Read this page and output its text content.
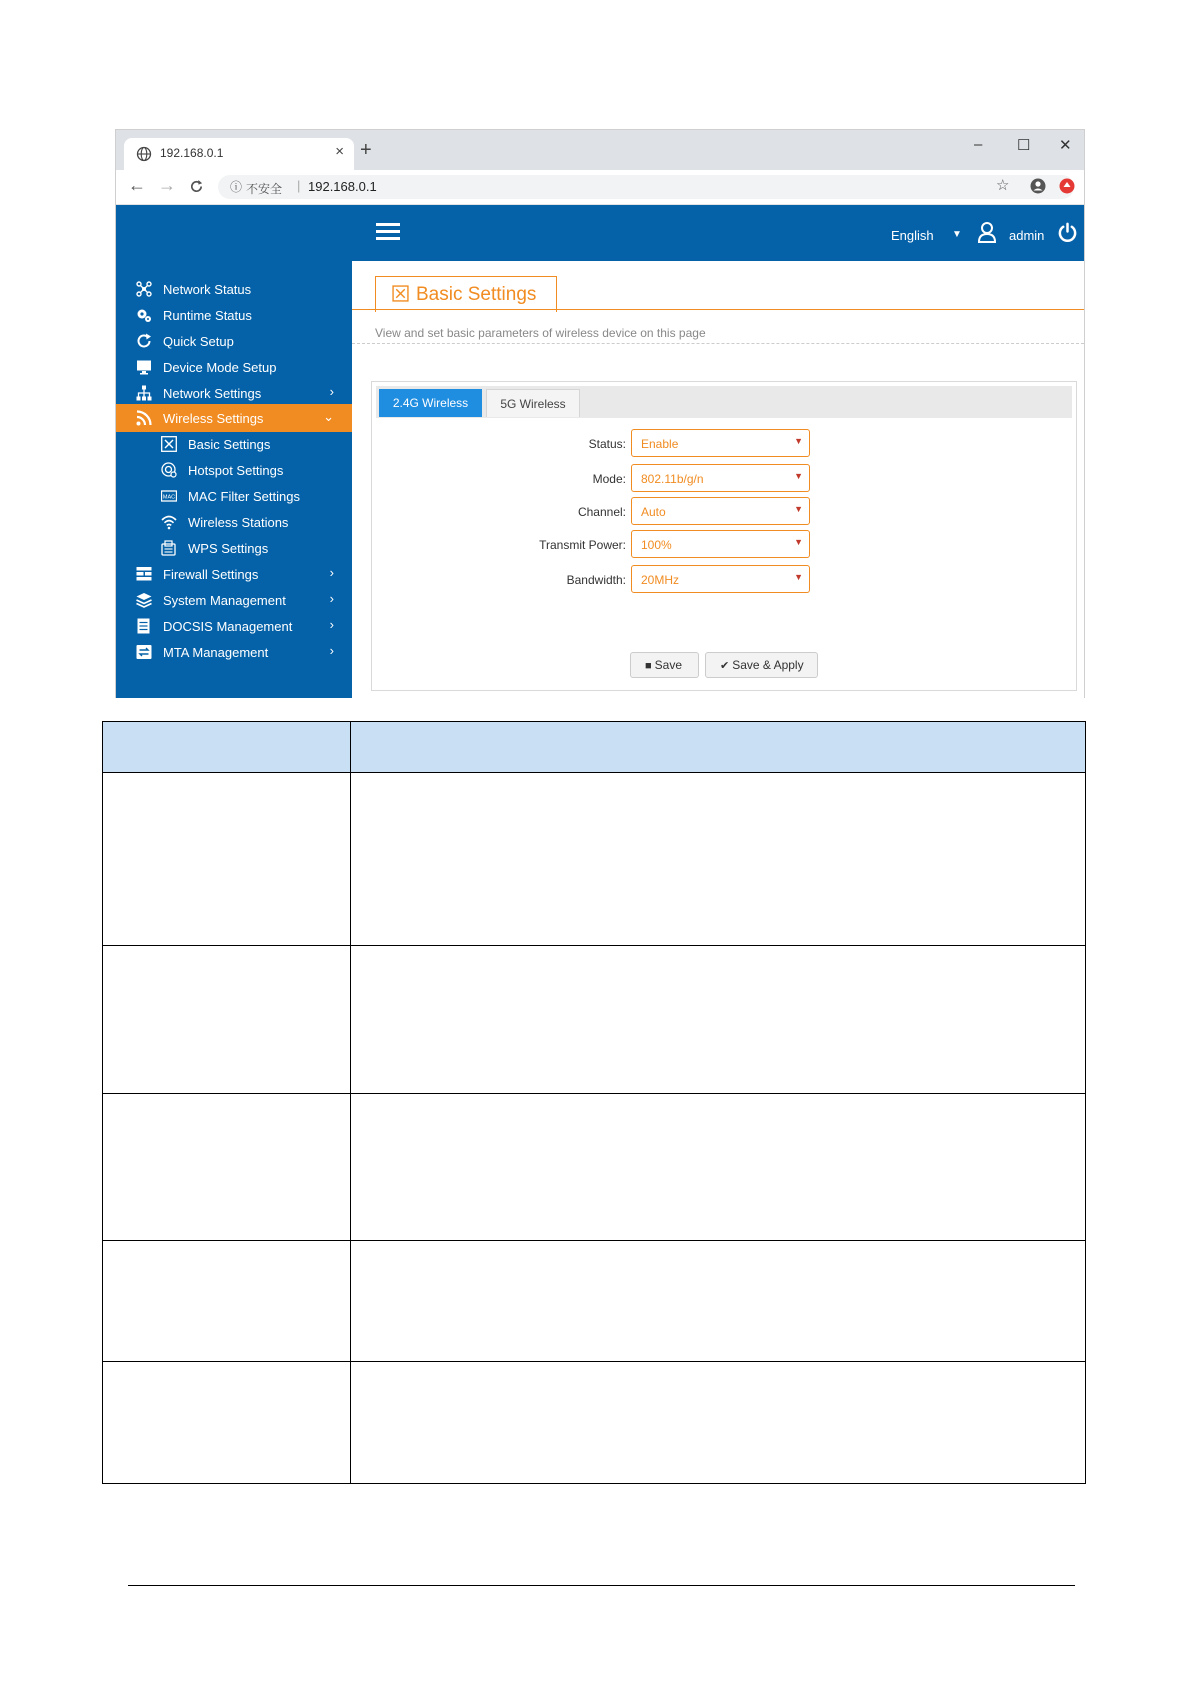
192.168.0.1	× +	– ☐ ✕
← →	ⓘ 不安全 | 192.168.0.1	☆
English ▼	admin
Network Status
Runtime Status
Quick Setup
Device Mode Setup
Network Settings	›
Wireless Settings	⌄
Basic Settings
Hotspot Settings
MAC MAC Filter Settings
Wireless Stations
WPS Settings
Firewall Settings	›
System Management	›
DOCSIS Management	›
MTA Management	›
Basic Settings
View and set basic parameters of wireless device on this page
2.4G Wireless	5G Wireless
Status: Enable	▼
Mode: 802.11b/g/n	▼
Channel: Auto	▼
Transmit Power: 100%	▼
Bandwidth: 20MHz	▼
■ Save	✔ Save & Apply
